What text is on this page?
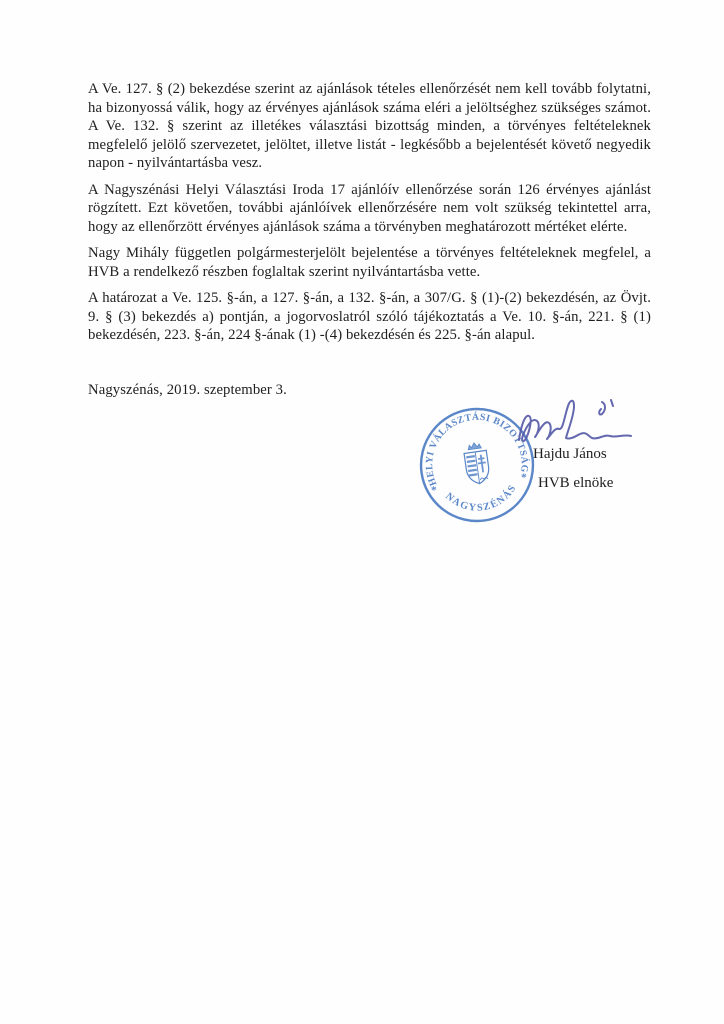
A Ve. 127. § (2) bekezdése szerint az ajánlások tételes ellenőrzését nem kell tovább folytatni, ha bizonyossá válik, hogy az érvényes ajánlások száma eléri a jelöltséghez szükséges számot. A Ve. 132. § szerint az illetékes választási bizottság minden, a törvényes feltételeknek megfelelő jelölő szervezetet, jelöltet, illetve listát - legkésőbb a bejelentését követő negyedik napon - nyilvántartásba vesz.

A Nagyszénási Helyi Választási Iroda 17 ajánlóív ellenőrzése során 126 érvényes ajánlást rögzített. Ezt követően, további ajánlóívek ellenőrzésére nem volt szükség tekintettel arra, hogy az ellenőrzött érvényes ajánlások száma a törvényben meghatározott mértéket elérte.

Nagy Mihály független polgármesterjelölt bejelentése a törvényes feltételeknek megfelel, a HVB a rendelkező részben foglaltak szerint nyilvántartásba vette.

A határozat a Ve. 125. §-án, a 127. §-án, a 132. §-án, a 307/G. § (1)-(2) bekezdésén, az Övjt. 9. § (3) bekezdés a) pontján, a jogorvoslatról szóló tájékoztatás a Ve. 10. §-án, 221. § (1) bekezdésén, 223. §-án, 224 §-ának (1) -(4) bekezdésén és 225. §-án alapul.

Nagyszénás, 2019. szeptember 3.

HELYI VÁLASZTÁSI BIZOTTSÁG
NAGYSZÉNÁS
*
*
Hajdu János
HVB elnöke
